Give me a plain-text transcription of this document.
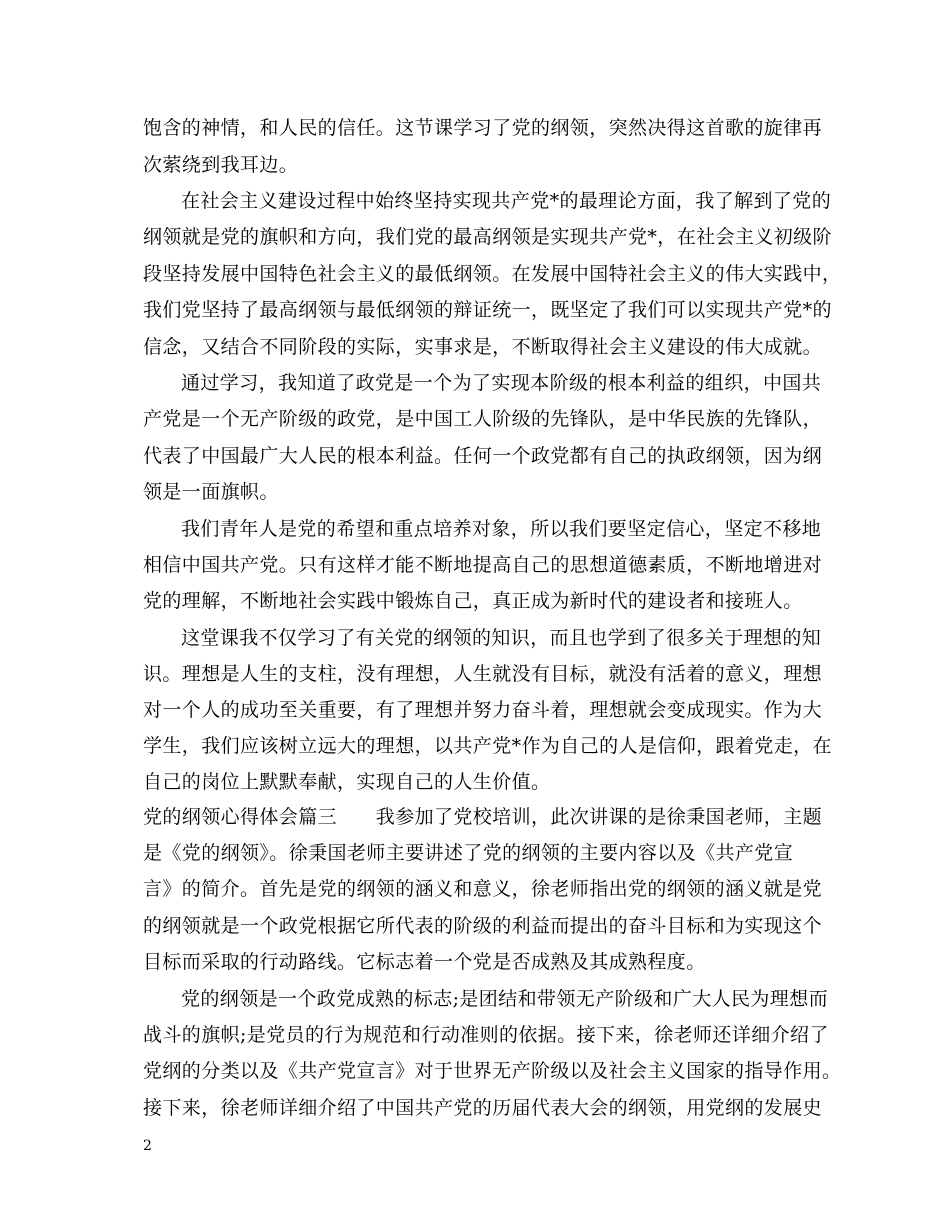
饱含的神情，和人民的信任。这节课学习了党的纲领，突然决得这首歌的旋律再
次萦绕到我耳边。
在社会主义建设过程中始终坚持实现共产党*的最理论方面，我了解到了党的
纲领就是党的旗帜和方向，我们党的最高纲领是实现共产党*，在社会主义初级阶
段坚持发展中国特色社会主义的最低纲领。在发展中国特社会主义的伟大实践中，
我们党坚持了最高纲领与最低纲领的辩证统一，既坚定了我们可以实现共产党*的
信念，又结合不同阶段的实际，实事求是，不断取得社会主义建设的伟大成就。
通过学习，我知道了政党是一个为了实现本阶级的根本利益的组织，中国共
产党是一个无产阶级的政党，是中国工人阶级的先锋队，是中华民族的先锋队，
代表了中国最广大人民的根本利益。任何一个政党都有自己的执政纲领，因为纲
领是一面旗帜。
我们青年人是党的希望和重点培养对象，所以我们要坚定信心，坚定不移地
相信中国共产党。只有这样才能不断地提高自己的思想道德素质，不断地增进对
党的理解，不断地社会实践中锻炼自己，真正成为新时代的建设者和接班人。
这堂课我不仅学习了有关党的纲领的知识，而且也学到了很多关于理想的知
识。理想是人生的支柱，没有理想，人生就没有目标，就没有活着的意义，理想
对一个人的成功至关重要，有了理想并努力奋斗着，理想就会变成现实。作为大
学生，我们应该树立远大的理想，以共产党*作为自己的人是信仰，跟着党走，在
自己的岗位上默默奉献，实现自己的人生价值。
党的纲领心得体会篇三　　我参加了党校培训，此次讲课的是徐秉国老师，主题
是《党的纲领》。徐秉国老师主要讲述了党的纲领的主要内容以及《共产党宣
言》的简介。首先是党的纲领的涵义和意义，徐老师指出党的纲领的涵义就是党
的纲领就是一个政党根据它所代表的阶级的利益而提出的奋斗目标和为实现这个
目标而采取的行动路线。它标志着一个党是否成熟及其成熟程度。
党的纲领是一个政党成熟的标志;是团结和带领无产阶级和广大人民为理想而
战斗的旗帜;是党员的行为规范和行动准则的依据。接下来，徐老师还详细介绍了
党纲的分类以及《共产党宣言》对于世界无产阶级以及社会主义国家的指导作用。
接下来，徐老师详细介绍了中国共产党的历届代表大会的纲领，用党纲的发展史
2
